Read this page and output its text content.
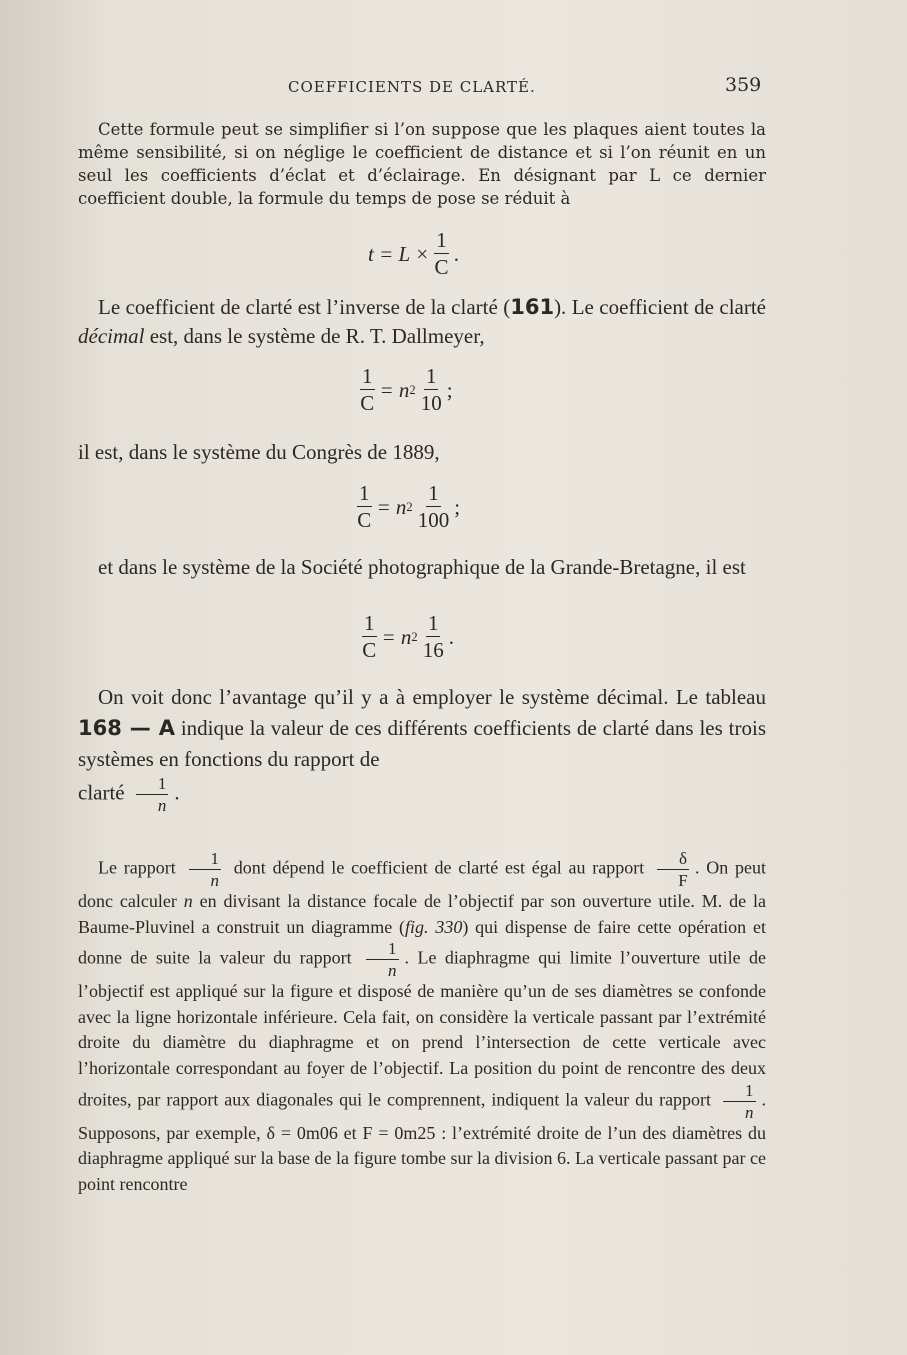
COEFFICIENTS DE CLARTÉ.	359
Cette formule peut se simplifier si l’on suppose que les plaques aient toutes la même sensibilité, si on néglige le coefficient de distance et si l’on réunit en un seul les coefficients d’éclat et d’éclairage. En désignant par L ce dernier coefficient double, la formule du temps de pose se réduit à
$t = L \times \frac{1}{C}$ .
Le coefficient de clarté est l’inverse de la clarté (161). Le coefficient de clarté décimal est, dans le système de R. T. Dallmeyer,
$\frac{1}{C} = n$ $2 \frac{1}{10}$ ;
il est, dans le système du Congrès de 1889,
$\frac{1}{C} = n$ $2 \frac{1}{100}$ ;
et dans le système de la Société photographique de la Grande-Bretagne, il est
$\frac{1}{C} = n$ $2 \frac{1}{16}$ .
On voit donc l’avantage qu’il y a à employer le système décimal. Le tableau 168 — A indique la valeur de ces différents coefficients de clarté dans les trois systèmes en fonctions du rapport de
clarté $\frac{1}{n}$ .
Le rapport $\frac{1}{n}$ dont dépend le coefficient de clarté est égal au rapport $\frac{\delta}{F}$ . On peut donc calculer n en divisant la distance focale de l’objectif par son ouverture utile. M. de la Baume-Pluvinel a construit un diagramme (fig. 330) qui dispense de faire cette opération et donne de suite la valeur du rapport $\frac{1}{n}$ . Le diaphragme qui limite l’ouverture utile de l’objectif est appliqué sur la figure et disposé de manière qu’un de ses diamètres se confonde avec la ligne horizontale inférieure. Cela fait, on considère la verticale passant par l’extrémité droite du diamètre du diaphragme et on prend l’intersection de cette verticale avec l’horizontale correspondant au foyer de l’objectif. La position du point de rencontre des deux droites, par rapport aux diagonales qui le comprennent, indiquent la valeur du rapport $\frac{1}{n}$ . Supposons, par exemple, δ = 0m06 et F = 0m25 : l’extrémité droite de l’un des diamètres du diaphragme appliqué sur la base de la figure tombe sur la division 6. La verticale passant par ce point rencontre
